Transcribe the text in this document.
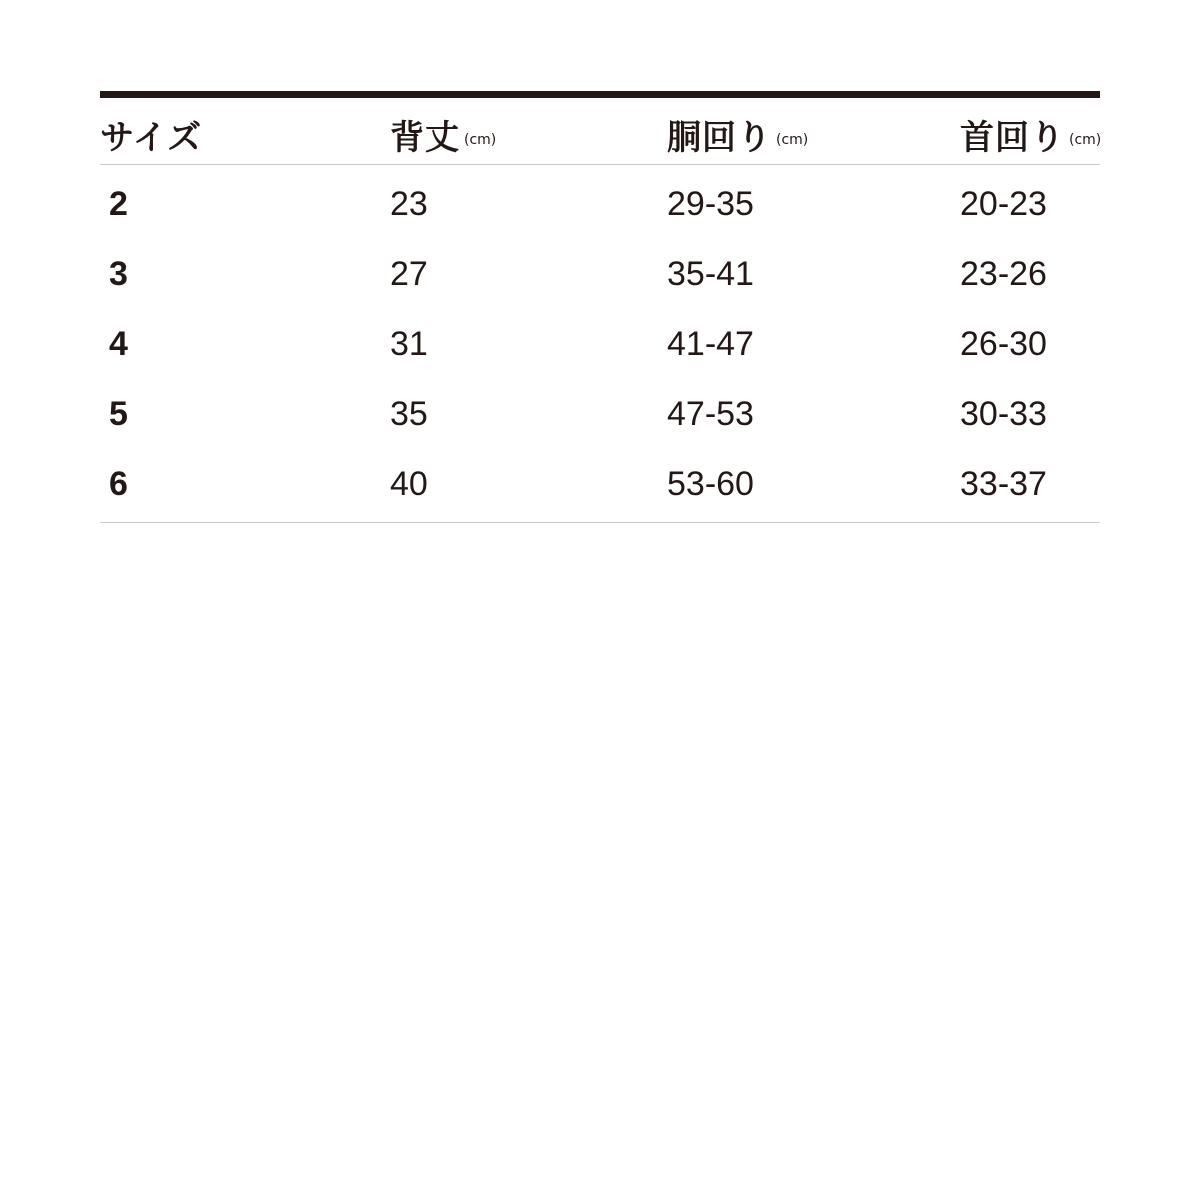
サイズ	背丈 (cm)	胴回り (cm)	首回り (cm)
2	23	29-35	20-23
3	27	35-41	23-26
4	31	41-47	26-30
5	35	47-53	30-33
6	40	53-60	33-37
